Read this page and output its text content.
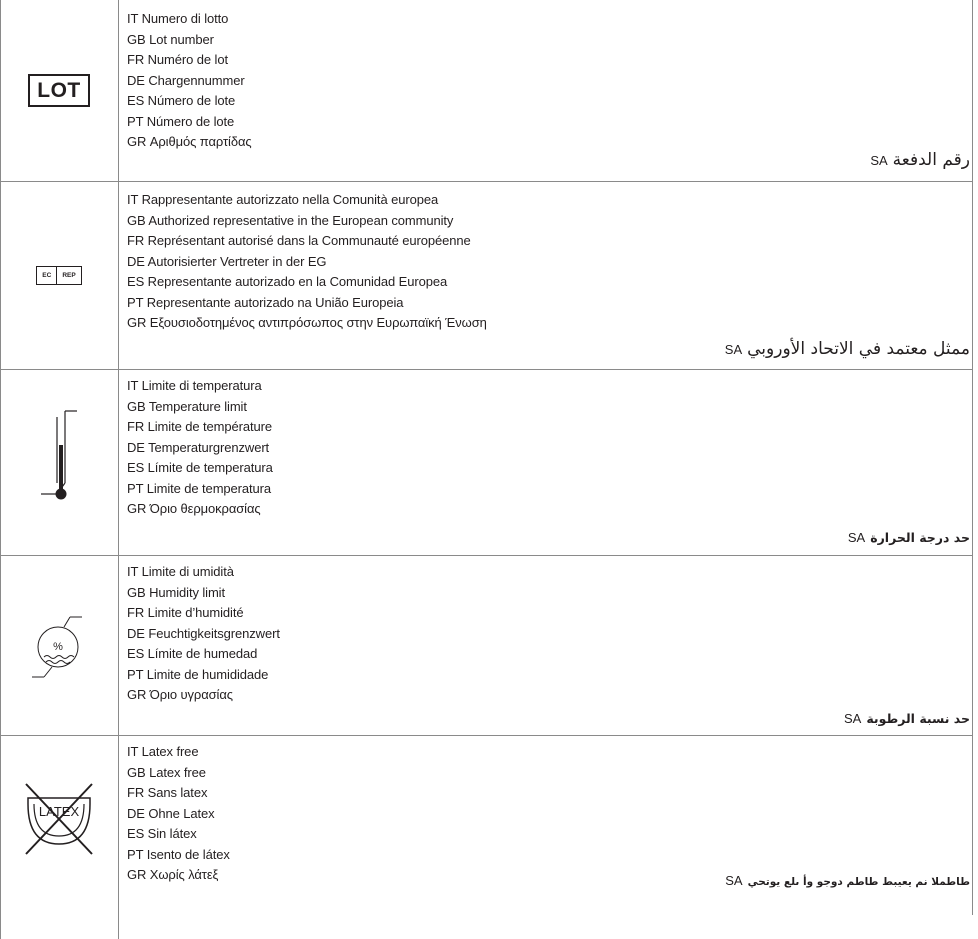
LOT
IT Numero di lotto
GB Lot number
FR Numéro de lot
DE Chargennummer
ES Número de lote
PT Número de lote
GR Αριθμός παρτίδας
SA رقم الدفعة
EC	REP
IT Rappresentante autorizzato nella Comunità europea
GB Authorized representative in the European community
FR Représentant autorisé dans la Communauté européenne
DE Autorisierter Vertreter in der EG
ES Representante autorizado en la Comunidad Europea
PT Representante autorizado na União Europeia
GR Εξουσιοδοτημένος αντιπρόσωπος στην Ευρωπαϊκή Ένωση
SA ممثل معتمد في الاتحاد الأوروبي
IT Limite di temperatura
GB Temperature limit
FR Limite de température
DE Temperaturgrenzwert
ES Límite de temperatura
PT Limite de temperatura
GR Όριο θερμοκρασίας
SA حد درجة الحرارة
%
IT Limite di umidità
GB Humidity limit
FR Limite d’humidité
DE Feuchtigkeitsgrenzwert
ES Límite de humedad
PT Limite de humididade
GR Όριο υγρασίας
SA حد نسبة الرطوبة
LATEX
IT Latex free
GB Latex free
FR Sans latex
DE Ohne Latex
ES Sin látex
PT Isento de látex
GR Χωρίς λάτεξ	SA طاطملا نم يعيبط طاطم دوجو وأ ىلع يوتحي
